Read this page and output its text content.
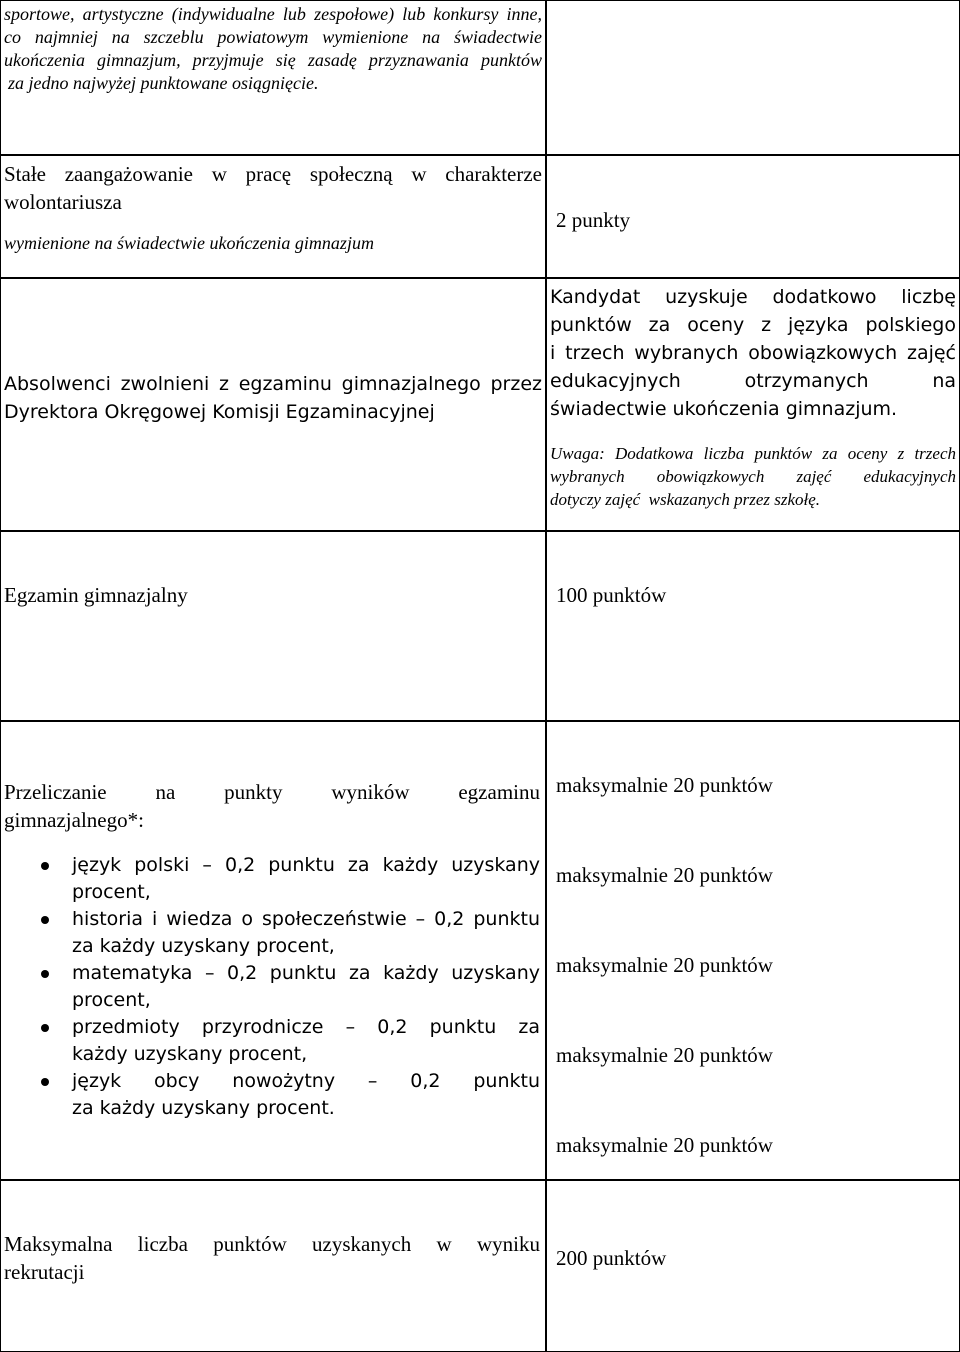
sportowe, artystyczne (indywidualne lub zespołowe) lub konkursy inne,
co najmniej na szczeblu powiatowym wymienione na świadectwie
ukończenia gimnazjum, przyjmuje się zasadę przyznawania punktów
za jedno najwyżej punktowane osiągnięcie.
Stałe zaangażowanie w pracę społeczną w charakterze
wolontariusza
wymienione na świadectwie ukończenia gimnazjum
2 punkty
Absolwenci zwolnieni z egzaminu gimnazjalnego przez
Dyrektora Okręgowej Komisji Egzaminacyjnej
Kandydat uzyskuje dodatkowo liczbę
punktów za oceny z języka polskiego
i trzech wybranych obowiązkowych zajęć
edukacyjnych otrzymanych na
świadectwie ukończenia gimnazjum.
Uwaga: Dodatkowa liczba punktów za oceny z trzech
wybranych obowiązkowych zajęć edukacyjnych
dotyczy zajęć  wskazanych przez szkołę.
Egzamin gimnazjalny	100 punktów
Przeliczanie na punkty wyników egzaminu
gimnazjalnego*:
język polski – 0,2 punktu za każdy uzyskany
procent,
historia i wiedza o społeczeństwie – 0,2 punktu
za każdy uzyskany procent,
matematyka – 0,2 punktu za każdy uzyskany
procent,
przedmioty przyrodnicze – 0,2 punktu za
każdy uzyskany procent,
język obcy nowożytny – 0,2 punktu
za każdy uzyskany procent.
maksymalnie 20 punktów
maksymalnie 20 punktów
maksymalnie 20 punktów
maksymalnie 20 punktów
maksymalnie 20 punktów
Maksymalna liczba punktów uzyskanych w wyniku
rekrutacji
200 punktów
